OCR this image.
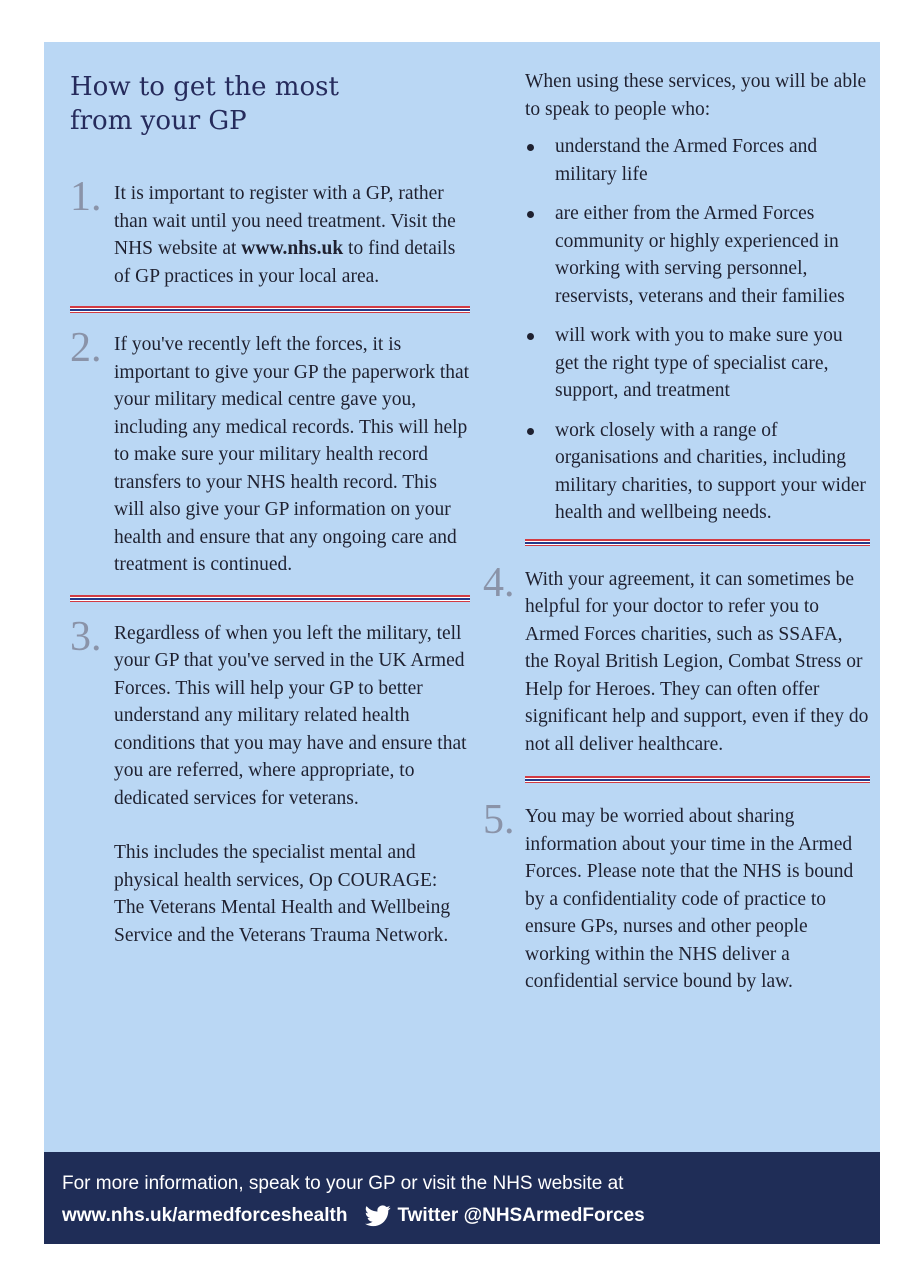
How to get the most
from your GP
1. It is important to register with a GP, rather than wait until you need treatment. Visit the NHS website at www.nhs.uk to find details of GP practices in your local area.

2. If you've recently left the forces, it is important to give your GP the paperwork that your military medical centre gave you, including any medical records. This will help to make sure your military health record transfers to your NHS health record. This will also give your GP information on your health and ensure that any ongoing care and treatment is continued.

3. Regardless of when you left the military, tell your GP that you've served in the UK Armed Forces. This will help your GP to better understand any military related health conditions that you may have and ensure that you are referred, where appropriate, to dedicated services for veterans.

This includes the specialist mental and physical health services, Op COURAGE: The Veterans Mental Health and Wellbeing Service and the Veterans Trauma Network.

When using these services, you will be able to speak to people who:

understand the Armed Forces and military life
are either from the Armed Forces community or highly experienced in working with serving personnel, reservists, veterans and their families
will work with you to make sure you get the right type of specialist care, support, and treatment
work closely with a range of organisations and charities, including military charities, to support your wider health and wellbeing needs.
4. With your agreement, it can sometimes be helpful for your doctor to refer you to Armed Forces charities, such as SSAFA, the Royal British Legion, Combat Stress or Help for Heroes. They can often offer significant help and support, even if they do not all deliver healthcare.

5. You may be worried about sharing information about your time in the Armed Forces. Please note that the NHS is bound by a confidentiality code of practice to ensure GPs, nurses and other people working within the NHS deliver a confidential service bound by law.

For more information, speak to your GP or visit the NHS website at
www.nhs.uk/armedforceshealth	Twitter @NHSArmedForces
